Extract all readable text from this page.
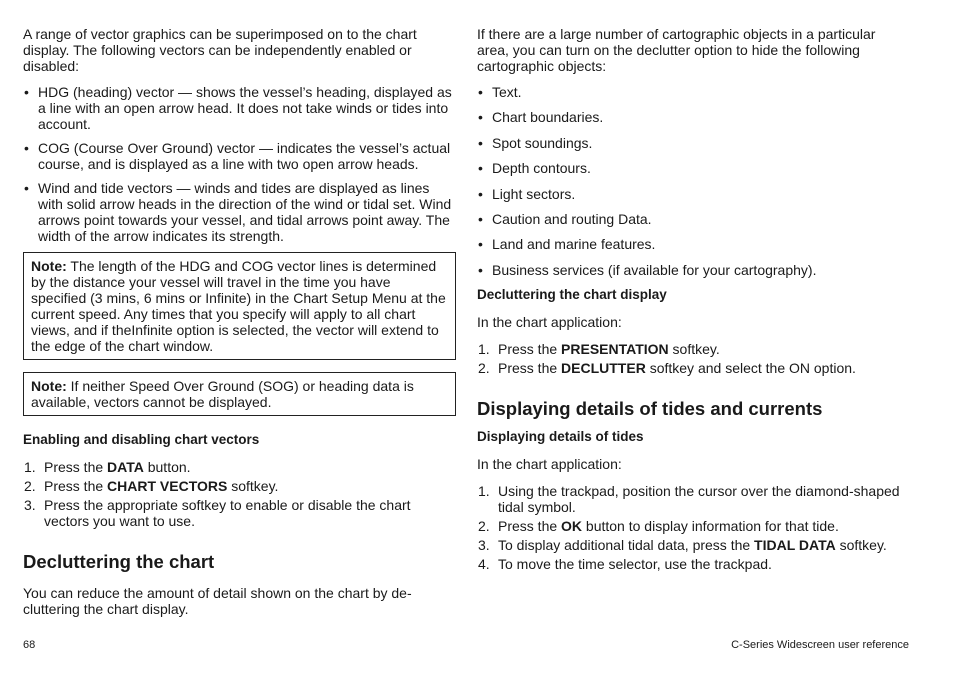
A range of vector graphics can be superimposed on to the chart display. The following vectors can be independently enabled or disabled:

• HDG (heading) vector — shows the vessel’s heading, displayed as a line with an open arrow head. It does not take winds or tides into account.
• COG (Course Over Ground) vector — indicates the vessel’s actual course, and is displayed as a line with two open arrow heads.
• Wind and tide vectors — winds and tides are displayed as lines with solid arrow heads in the direction of the wind or tidal set. Wind arrows point towards your vessel, and tidal arrows point away. The width of the arrow indicates its strength.
Note: The length of the HDG and COG vector lines is determined by the distance your vessel will travel in the time you have specified (3 mins, 6 mins or Infinite) in the Chart Setup Menu at the current speed. Any times that you specify will apply to all chart views, and if theInfinite option is selected, the vector will extend to the edge of the chart window.
Note: If neither Speed Over Ground (SOG) or heading data is available, vectors cannot be displayed.
Enabling and disabling chart vectors
1. Press the DATA button.
2. Press the CHART VECTORS softkey.
3. Press the appropriate softkey to enable or disable the chart vectors you want to use.
Decluttering the chart

You can reduce the amount of detail shown on the chart by de-cluttering the chart display.

If there are a large number of cartographic objects in a particular area, you can turn on the declutter option to hide the following cartographic objects:

• Text.
• Chart boundaries.
• Spot soundings.
• Depth contours.
• Light sectors.
• Caution and routing Data.
• Land and marine features.
• Business services (if available for your cartography).
Decluttering the chart display

In the chart application:

1. Press the PRESENTATION softkey.
2. Press the DECLUTTER softkey and select the ON option.
Displaying details of tides and currents
Displaying details of tides

In the chart application:

1. Using the trackpad, position the cursor over the diamond-shaped tidal symbol.
2. Press the OK button to display information for that tide.
3. To display additional tidal data, press the TIDAL DATA softkey.
4. To move the time selector, use the trackpad.
68	C-Series Widescreen user reference
